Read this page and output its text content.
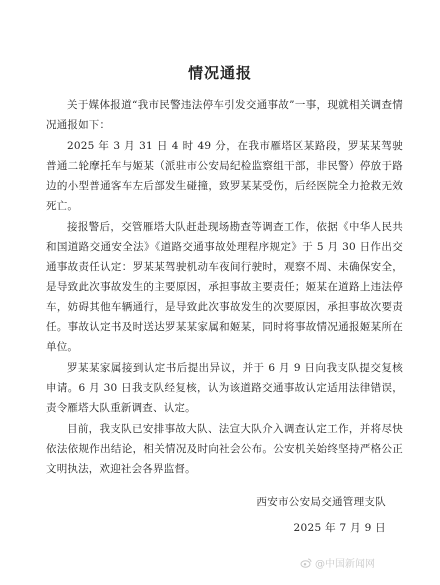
情况通报

关于媒体报道“我市民警违法停车引发交通事故”一事，现就相关调查情况通报如下：

2025 年 3 月 31 日 4 时 49 分，在我市雁塔区某路段，罗某某驾驶普通二轮摩托车与姬某（派驻市公安局纪检监察组干部，非民警）停放于路边的小型普通客车左后部发生碰撞，致罗某某受伤，后经医院全力抢救无效死亡。

接报警后，交管雁塔大队赶赴现场勘查等调查工作，依据《中华人民共和国道路交通安全法》《道路交通事故处理程序规定》于 5 月 30 日作出交通事故责任认定：罗某某驾驶机动车夜间行驶时，观察不周、未确保安全，是导致此次事故发生的主要原因，承担事故主要责任；姬某在道路上违法停车，妨碍其他车辆通行，是导致此次事故发生的次要原因，承担事故次要责任。事故认定书及时送达罗某某家属和姬某，同时将事故情况通报姬某所在单位。

罗某某家属接到认定书后提出异议，并于 6 月 9 日向我支队提交复核申请。6 月 30 日我支队经复核，认为该道路交通事故认定适用法律错误，责令雁塔大队重新调查、认定。

目前，我支队已安排事故大队、法宣大队介入调查认定工作，并将尽快依法依规作出结论，相关情况及时向社会公布。公安机关始终坚持严格公正文明执法，欢迎社会各界监督。

西安市公安局交通管理支队
2025 年 7 月 9 日
@中国新闻网
